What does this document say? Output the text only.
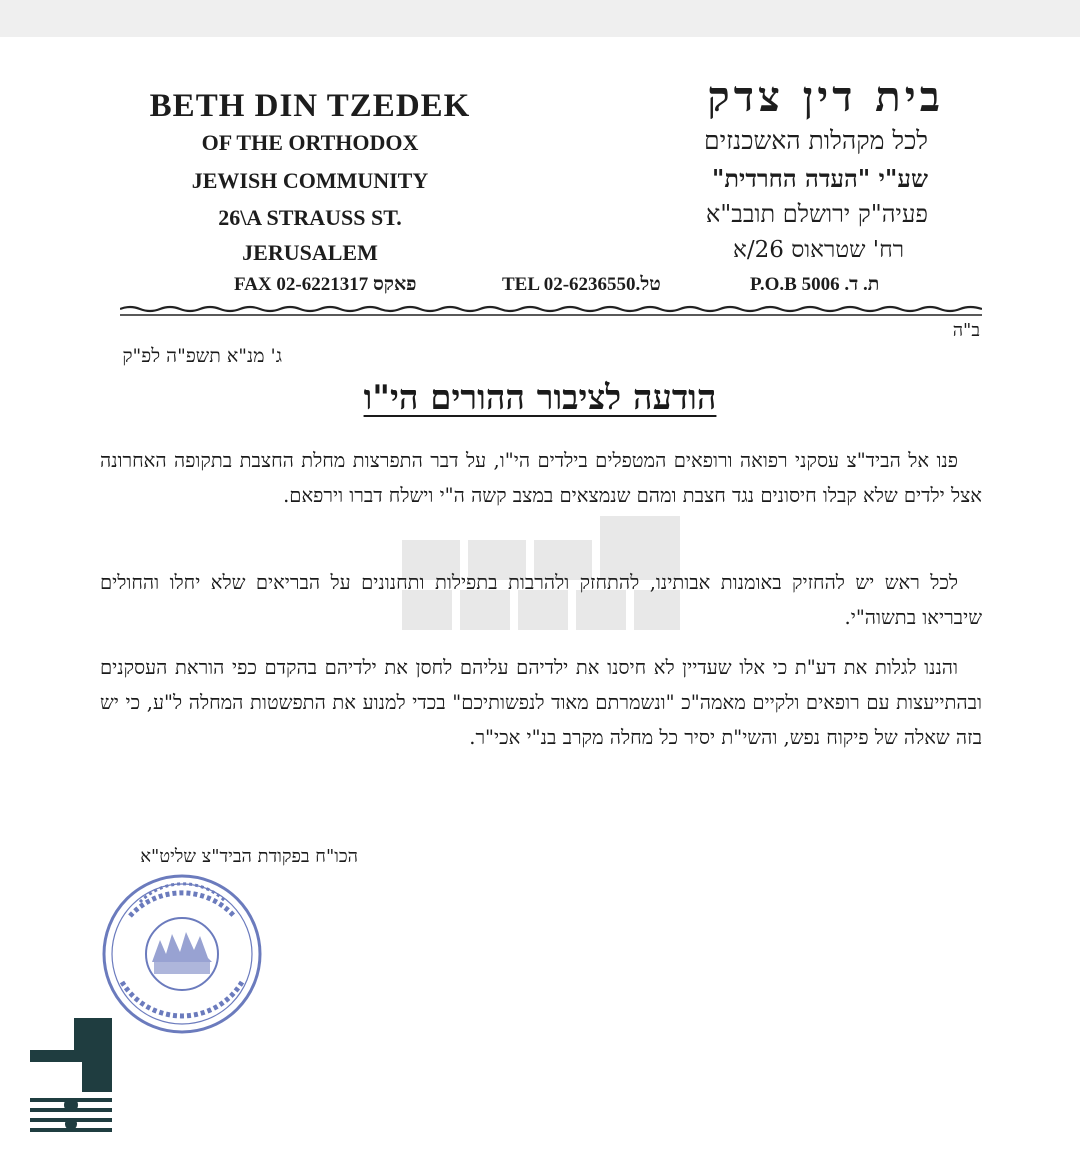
BETH DIN TZEDEK
OF THE ORTHODOX
JEWISH COMMUNITY
26\A STRAUSS ST.
JERUSALEM
בית דין צדק
לכל מקהלות האשכנזים
שע"י "העדה החרדית"
פעיה"ק ירושלם תובב"א
רח' שטראוס 26/א
FAX 02-6221317 פאקס	TEL 02-6236550.טל	P.O.B 5006 .ת. ד
ב"ה
ג' מנ"א תשפ"ה לפ"ק
הודעה לציבור ההורים הי"ו
פנו אל הביד"צ עסקני רפואה ורופאים המטפלים בילדים הי"ו, על דבר התפרצות מחלת החצבת בתקופה האחרונה אצל ילדים שלא קבלו חיסונים נגד חצבת ומהם שנמצאים במצב קשה ה"י וישלח דברו וירפאם.
לכל ראש יש להחזיק באומנות אבותינו, להתחזק ולהרבות בתפילות ותחנונים על הבריאים שלא יחלו והחולים שיבריאו בתשוה"י.
והננו לגלות את דע"ת כי אלו שעדיין לא חיסנו את ילדיהם עליהם לחסן את ילדיהם בהקדם כפי הוראת העסקנים ובהתייעצות עם רופאים ולקיים מאמה"כ "ונשמרתם מאוד לנפשותיכם" בכדי למנוע את התפשטות המחלה ל"ע, כי יש בזה שאלה של פיקוח נפש, והשי"ת יסיר כל מחלה מקרב בנ"י אכי"ר.
הכו"ח בפקודת הביד"צ שליט"א
